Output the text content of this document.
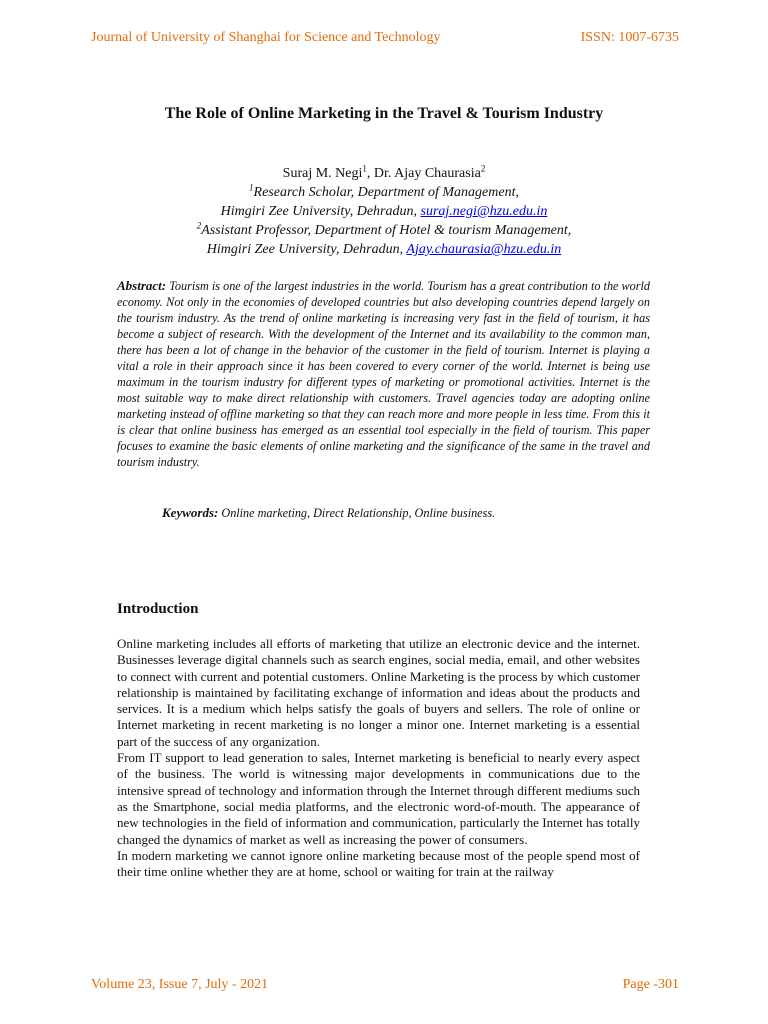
Journal of University of Shanghai for Science and Technology	ISSN: 1007-6735
The Role of Online Marketing in the Travel & Tourism Industry
Suraj M. Negi$^1$, Dr. Ajay Chaurasia$^2$
$^1$Research Scholar, Department of Management,
Himgiri Zee University, Dehradun, suraj.negi@hzu.edu.in
$^2$Assistant Professor, Department of Hotel & tourism Management,
Himgiri Zee University, Dehradun, Ajay.chaurasia@hzu.edu.in
Abstract: Tourism is one of the largest industries in the world. Tourism has a great contribution to the world economy. Not only in the economies of developed countries but also developing countries depend largely on the tourism industry. As the trend of online marketing is increasing very fast in the field of tourism, it has become a subject of research. With the development of the Internet and its availability to the common man, there has been a lot of change in the behavior of the customer in the field of tourism. Internet is playing a vital a role in their approach since it has been covered to every corner of the world. Internet is being use maximum in the tourism industry for different types of marketing or promotional activities. Internet is the most suitable way to make direct relationship with customers. Travel agencies today are adopting online marketing instead of offline marketing so that they can reach more and more people in less time. From this it is clear that online business has emerged as an essential tool especially in the field of tourism. This paper focuses to examine the basic elements of online marketing and the significance of the same in the travel and tourism industry.
Keywords: Online marketing, Direct Relationship, Online business.
Introduction

Online marketing includes all efforts of marketing that utilize an electronic device and the internet. Businesses leverage digital channels such as search engines, social media, email, and other websites to connect with current and potential customers. Online Marketing is the process by which customer relationship is maintained by facilitating exchange of information and ideas about the products and services. It is a medium which helps satisfy the goals of buyers and sellers. The role of online or Internet marketing in recent marketing is no longer a minor one. Internet marketing is a essential part of the success of any organization.

From IT support to lead generation to sales, Internet marketing is beneficial to nearly every aspect of the business. The world is witnessing major developments in communications due to the intensive spread of technology and information through the Internet through different mediums such as the Smartphone, social media platforms, and the electronic word-of-mouth. The appearance of new technologies in the field of information and communication, particularly the Internet has totally changed the dynamics of market as well as increasing the power of consumers.

In modern marketing we cannot ignore online marketing because most of the people spend most of their time online whether they are at home, school or waiting for train at the railway

Volume 23, Issue 7, July - 2021	Page -301
